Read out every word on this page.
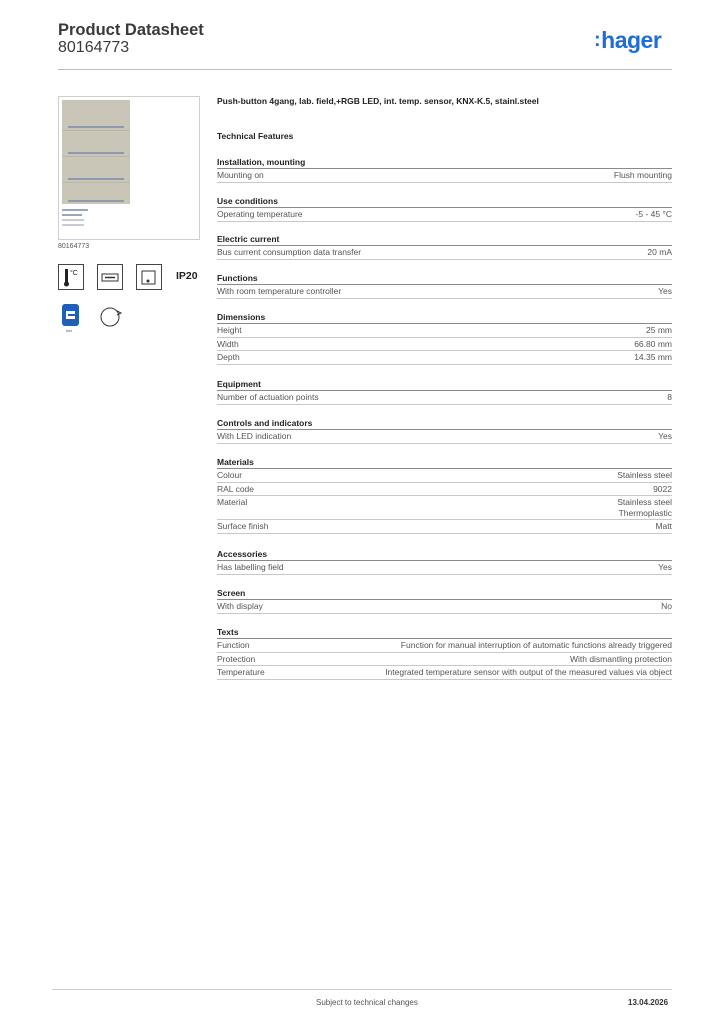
Product Datasheet
80164773	:hager
80164773
°C	IP20
knx
Push-button 4gang, lab. field,+RGB LED, int. temp. sensor, KNX-K.5, stainl.steel
Technical Features
Installation, mounting
Mounting on	Flush mounting
Use conditions
Operating temperature	-5 - 45 °C
Electric current
Bus current consumption data transfer	20 mA
Functions
With room temperature controller	Yes
Dimensions
Height	25 mm
Width	66.80 mm
Depth	14.35 mm
Equipment
Number of actuation points	8
Controls and indicators
With LED indication	Yes
Materials
Colour	Stainless steel
RAL code	9022
Material	Stainless steel
Thermoplastic
Surface finish	Matt
Accessories
Has labelling field	Yes
Screen
With display	No
Texts
Function	Function for manual interruption of automatic functions already triggered
Protection	With dismantling protection
Temperature	Integrated temperature sensor with output of the measured values via object
Subject to technical changes	13.04.2026
